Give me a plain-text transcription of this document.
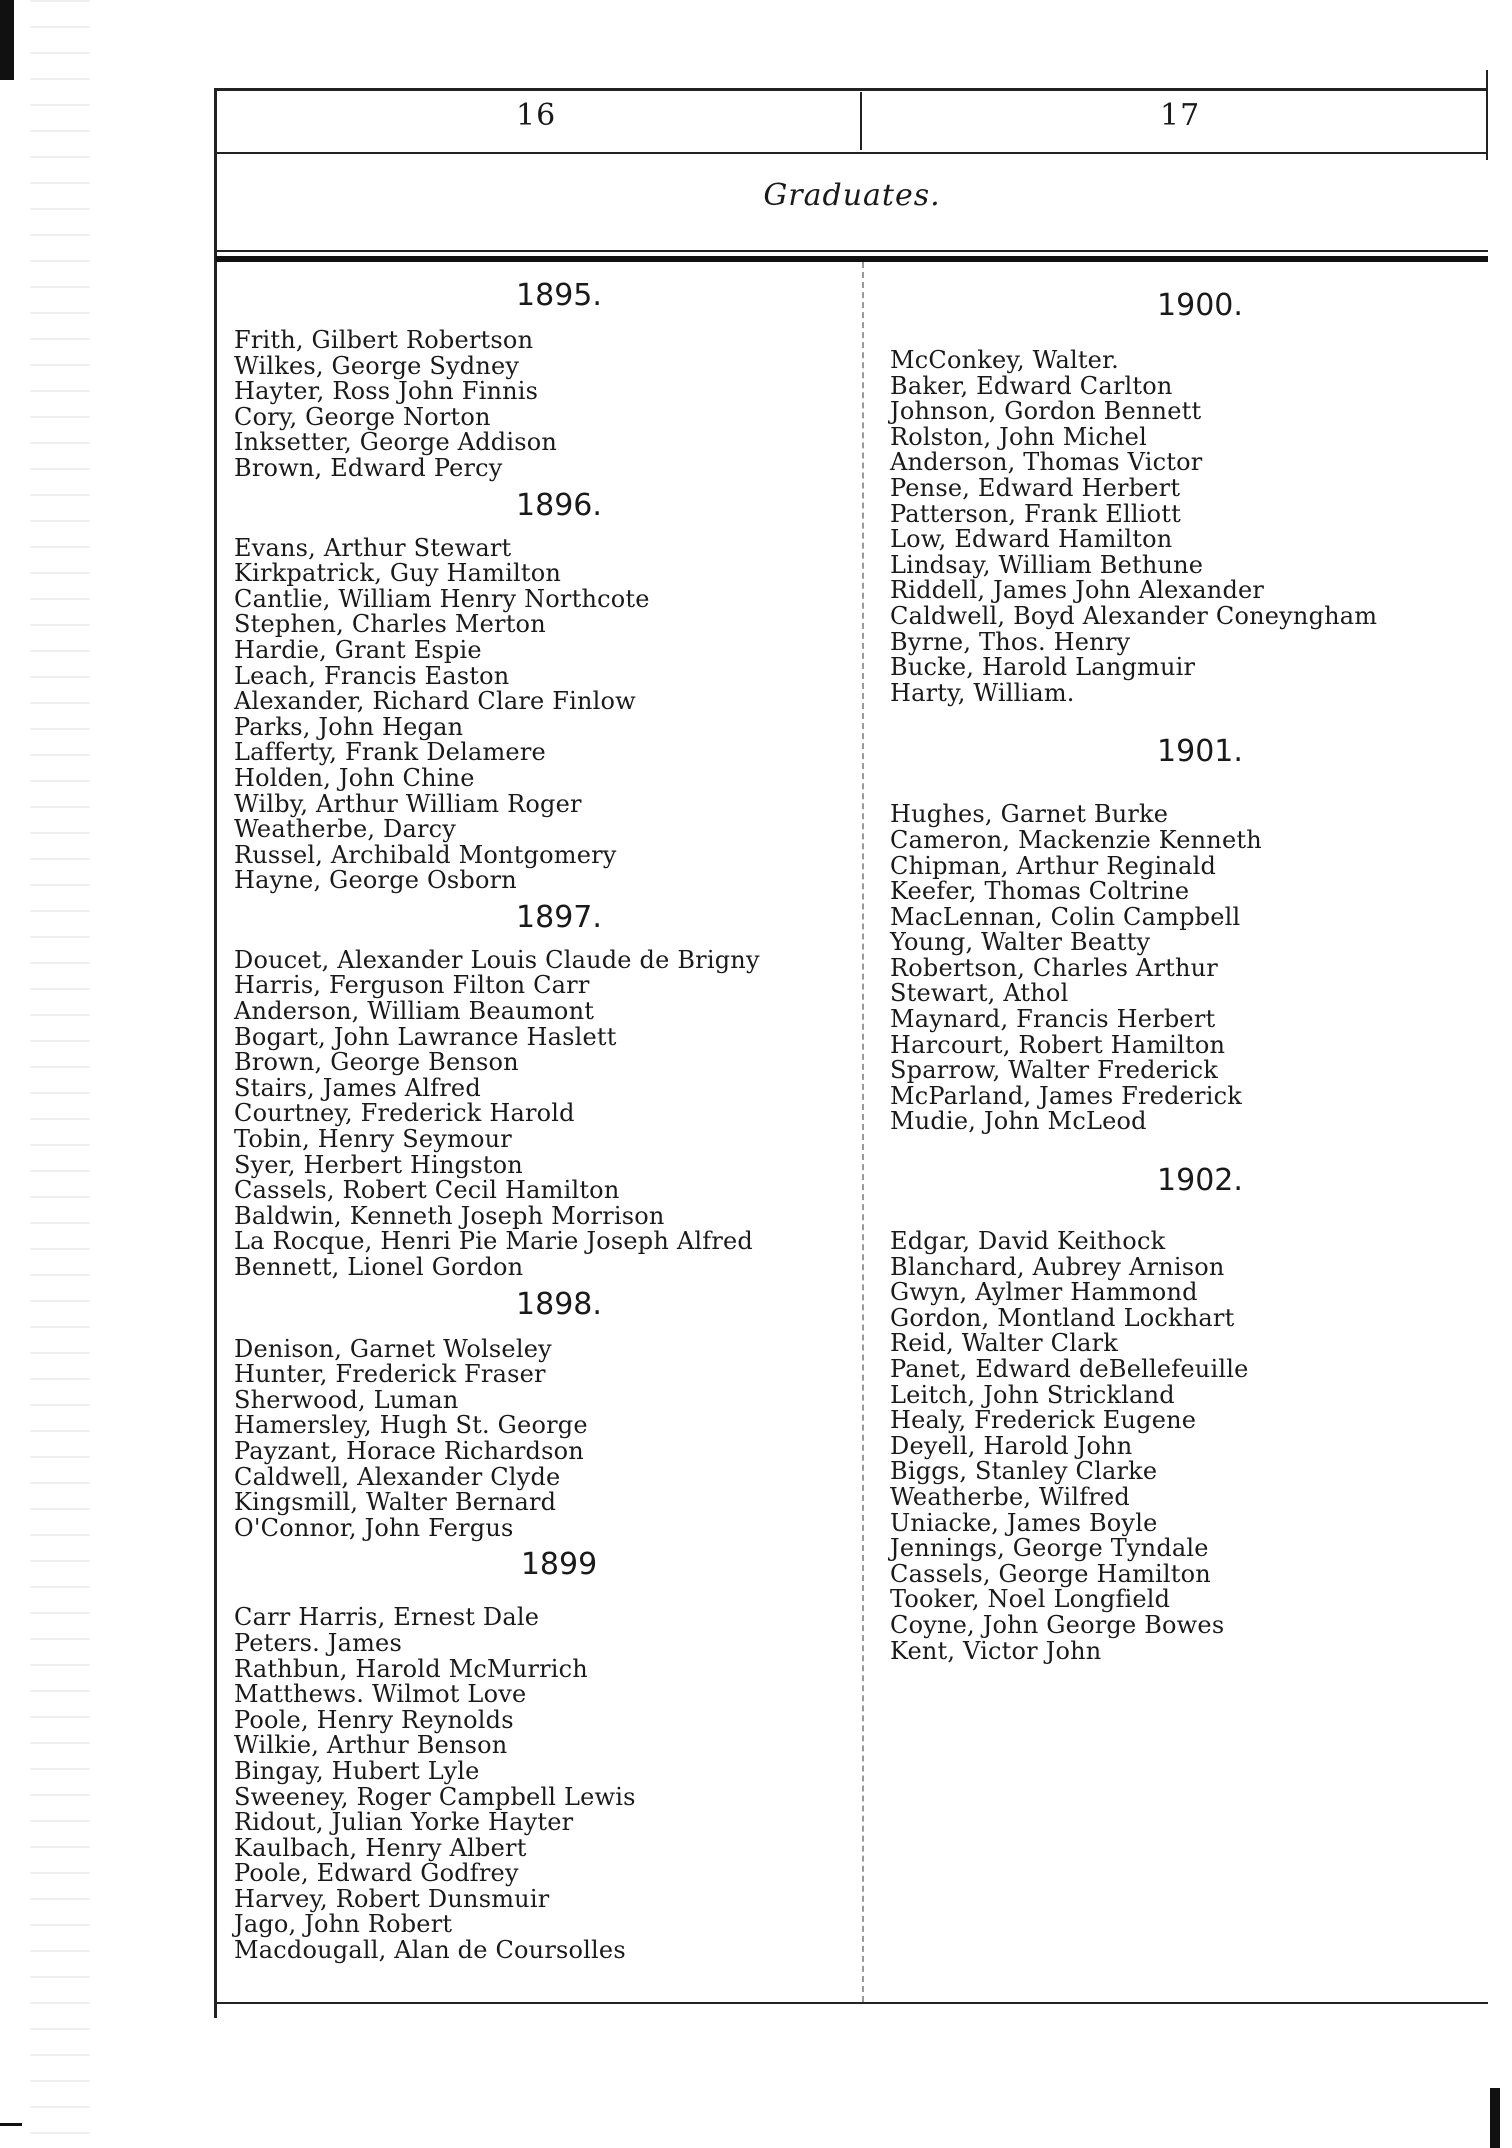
16	17
Graduates.
1895.
Frith, Gilbert Robertson
Wilkes, George Sydney
Hayter, Ross John Finnis
Cory, George Norton
Inksetter, George Addison
Brown, Edward Percy
1896.
Evans, Arthur Stewart
Kirkpatrick, Guy Hamilton
Cantlie, William Henry Northcote
Stephen, Charles Merton
Hardie, Grant Espie
Leach, Francis Easton
Alexander, Richard Clare Finlow
Parks, John Hegan
Lafferty, Frank Delamere
Holden, John Chine
Wilby, Arthur William Roger
Weatherbe, Darcy
Russel, Archibald Montgomery
Hayne, George Osborn
1897.
Doucet, Alexander Louis Claude de Brigny
Harris, Ferguson Filton Carr
Anderson, William Beaumont
Bogart, John Lawrance Haslett
Brown, George Benson
Stairs, James Alfred
Courtney, Frederick Harold
Tobin, Henry Seymour
Syer, Herbert Hingston
Cassels, Robert Cecil Hamilton
Baldwin, Kenneth Joseph Morrison
La Rocque, Henri Pie Marie Joseph Alfred
Bennett, Lionel Gordon
1898.
Denison, Garnet Wolseley
Hunter, Frederick Fraser
Sherwood, Luman
Hamersley, Hugh St. George
Payzant, Horace Richardson
Caldwell, Alexander Clyde
Kingsmill, Walter Bernard
O'Connor, John Fergus
1899
Carr Harris, Ernest Dale
Peters. James
Rathbun, Harold McMurrich
Matthews. Wilmot Love
Poole, Henry Reynolds
Wilkie, Arthur Benson
Bingay, Hubert Lyle
Sweeney, Roger Campbell Lewis
Ridout, Julian Yorke Hayter
Kaulbach, Henry Albert
Poole, Edward Godfrey
Harvey, Robert Dunsmuir
Jago, John Robert
Macdougall, Alan de Coursolles
1900.
McConkey, Walter.
Baker, Edward Carlton
Johnson, Gordon Bennett
Rolston, John Michel
Anderson, Thomas Victor
Pense, Edward Herbert
Patterson, Frank Elliott
Low, Edward Hamilton
Lindsay, William Bethune
Riddell, James John Alexander
Caldwell, Boyd Alexander Coneyngham
Byrne, Thos. Henry
Bucke, Harold Langmuir
Harty, William.
1901.
Hughes, Garnet Burke
Cameron, Mackenzie Kenneth
Chipman, Arthur Reginald
Keefer, Thomas Coltrine
MacLennan, Colin Campbell
Young, Walter Beatty
Robertson, Charles Arthur
Stewart, Athol
Maynard, Francis Herbert
Harcourt, Robert Hamilton
Sparrow, Walter Frederick
McParland, James Frederick
Mudie, John McLeod
1902.
Edgar, David Keithock
Blanchard, Aubrey Arnison
Gwyn, Aylmer Hammond
Gordon, Montland Lockhart
Reid, Walter Clark
Panet, Edward deBellefeuille
Leitch, John Strickland
Healy, Frederick Eugene
Deyell, Harold John
Biggs, Stanley Clarke
Weatherbe, Wilfred
Uniacke, James Boyle
Jennings, George Tyndale
Cassels, George Hamilton
Tooker, Noel Longfield
Coyne, John George Bowes
Kent, Victor John
